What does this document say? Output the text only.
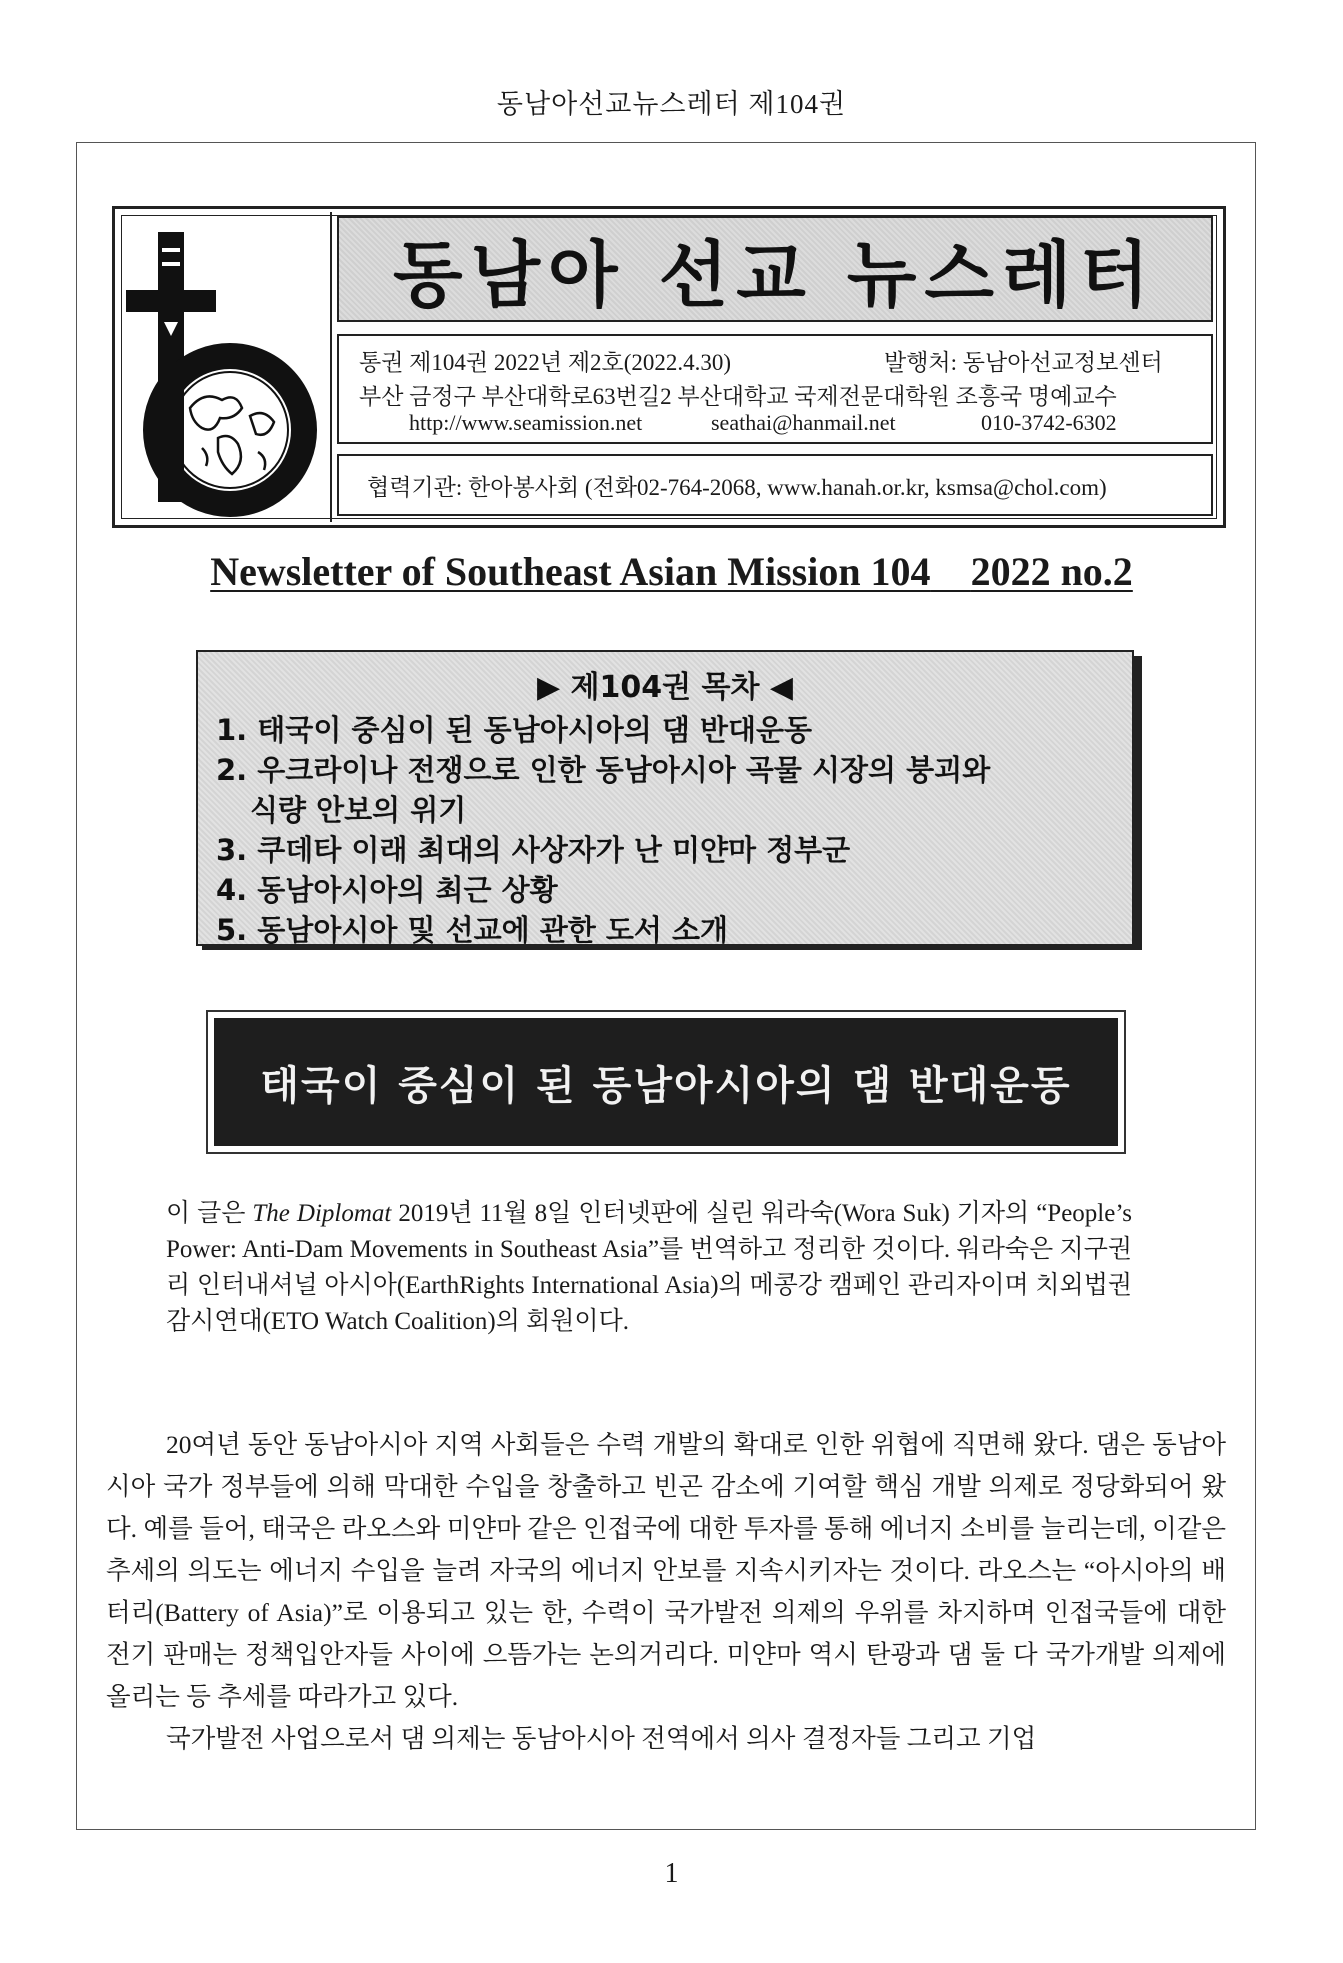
동남아선교뉴스레터 제104권
동남아 선교 뉴스레터
통권 제104권 2022년 제2호(2022.4.30)	발행처: 동남아선교정보센터
부산 금정구 부산대학로63번길2 부산대학교 국제전문대학원 조흥국 명예교수
http://www.seamission.net	seathai@hanmail.net	010-3742-6302
협력기관: 한아봉사회 (전화02-764-2068, www.hanah.or.kr, ksmsa@chol.com)
Newsletter of Southeast Asian Mission 104 2022 no.2
▶ 제104권 목차 ◀
1. 태국이 중심이 된 동남아시아의 댐 반대운동
2. 우크라이나 전쟁으로 인한 동남아시아 곡물 시장의 붕괴와
식량 안보의 위기
3. 쿠데타 이래 최대의 사상자가 난 미얀마 정부군
4. 동남아시아의 최근 상황
5. 동남아시아 및 선교에 관한 도서 소개
태국이 중심이 된 동남아시아의 댐 반대운동
이 글은 The Diplomat 2019년 11월 8일 인터넷판에 실린 워라숙(Wora Suk) 기자의 “People’s Power: Anti-Dam Movements in Southeast Asia”를 번역하고 정리한 것이다. 워라숙은 지구권리 인터내셔널 아시아(EarthRights International Asia)의 메콩강 캠페인 관리자이며 치외법권감시연대(ETO Watch Coalition)의 회원이다.

20여년 동안 동남아시아 지역 사회들은 수력 개발의 확대로 인한 위협에 직면해 왔다. 댐은 동남아시아 국가 정부들에 의해 막대한 수입을 창출하고 빈곤 감소에 기여할 핵심 개발 의제로 정당화되어 왔다. 예를 들어, 태국은 라오스와 미얀마 같은 인접국에 대한 투자를 통해 에너지 소비를 늘리는데, 이같은 추세의 의도는 에너지 수입을 늘려 자국의 에너지 안보를 지속시키자는 것이다. 라오스는 “아시아의 배터리(Battery of Asia)”로 이용되고 있는 한, 수력이 국가발전 의제의 우위를 차지하며 인접국들에 대한 전기 판매는 정책입안자들 사이에 으뜸가는 논의거리다. 미얀마 역시 탄광과 댐 둘 다 국가개발 의제에 올리는 등 추세를 따라가고 있다.

국가발전 사업으로서 댐 의제는 동남아시아 전역에서 의사 결정자들 그리고 기업

1
